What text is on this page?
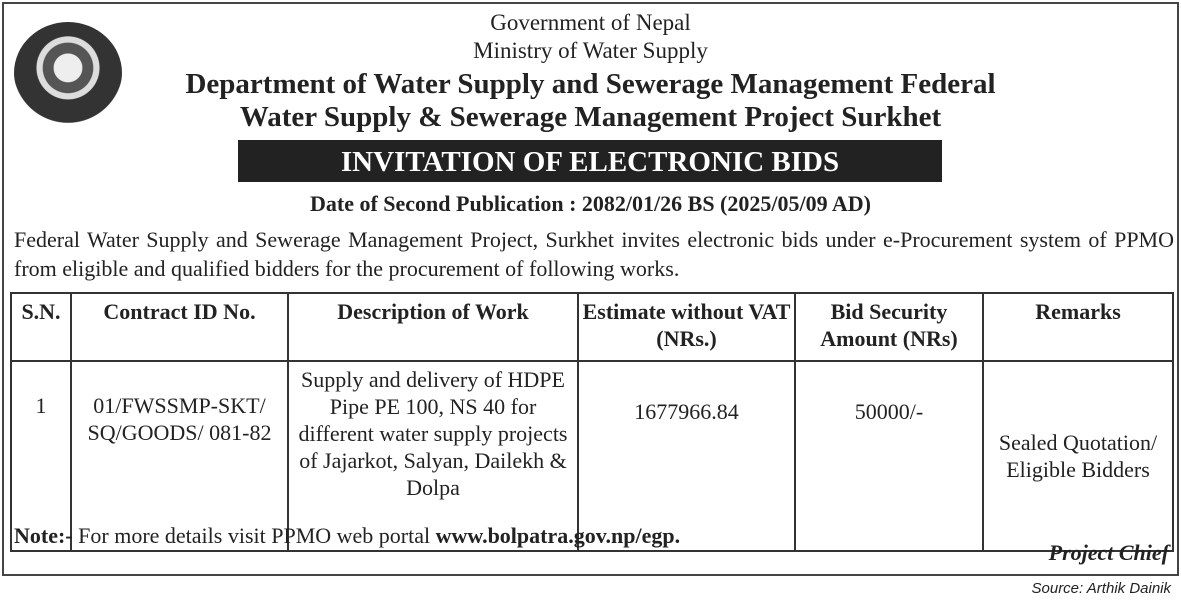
Government of Nepal
Ministry of Water Supply
Department of Water Supply and Sewerage Management Federal
Water Supply & Sewerage Management Project Surkhet
INVITATION OF ELECTRONIC BIDS
Date of Second Publication : 2082/01/26 BS (2025/05/09 AD)
Federal Water Supply and Sewerage Management Project, Surkhet invites electronic bids under e-Procurement system of PPMO from eligible and qualified bidders for the procurement of following works.
S.N.	Contract ID No.	Description of Work	Estimate without VAT (NRs.)	Bid Security Amount (NRs)	Remarks
1	01/FWSSMP-SKT/ SQ/GOODS/ 081-82	Supply and delivery of HDPE Pipe PE 100, NS 40 for different water supply projects of Jajarkot, Salyan, Dailekh & Dolpa	1677966.84	50000/-	Sealed Quotation/ Eligible Bidders
Note:- For more details visit PPMO web portal www.bolpatra.gov.np/egp.
Project Chief
Source: Arthik Dainik
